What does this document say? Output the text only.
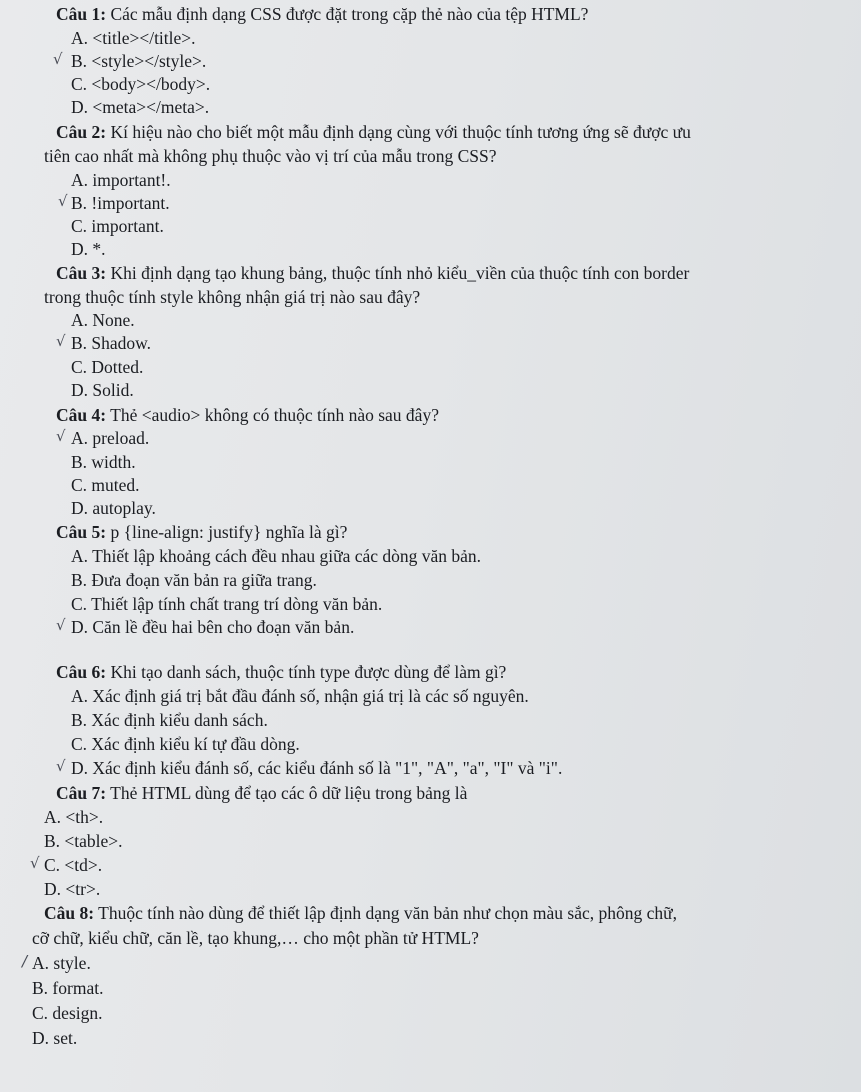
Câu 1: Các mẫu định dạng CSS được đặt trong cặp thẻ nào của tệp HTML?
A. <title></title>.
√ B. <style></style>.
C. <body></body>.
D. <meta></meta>.
Câu 2: Kí hiệu nào cho biết một mẫu định dạng cùng với thuộc tính tương ứng sẽ được ưu
tiên cao nhất mà không phụ thuộc vào vị trí của mẫu trong CSS?
A. important!.
√ B. !important.
C. important.
D. *.
Câu 3: Khi định dạng tạo khung bảng, thuộc tính nhỏ kiểu_viền của thuộc tính con border
trong thuộc tính style không nhận giá trị nào sau đây?
A. None.
√ B. Shadow.
C. Dotted.
D. Solid.
Câu 4: Thẻ <audio> không có thuộc tính nào sau đây?
√ A. preload.
B. width.
C. muted.
D. autoplay.
Câu 5: p {line-align: justify} nghĩa là gì?
A. Thiết lập khoảng cách đều nhau giữa các dòng văn bản.
B. Đưa đoạn văn bản ra giữa trang.
C. Thiết lập tính chất trang trí dòng văn bản.
√ D. Căn lề đều hai bên cho đoạn văn bản.
Câu 6: Khi tạo danh sách, thuộc tính type được dùng để làm gì?
A. Xác định giá trị bắt đầu đánh số, nhận giá trị là các số nguyên.
B. Xác định kiểu danh sách.
C. Xác định kiểu kí tự đầu dòng.
√ D. Xác định kiểu đánh số, các kiểu đánh số là "1", "A", "a", "I" và "i".
Câu 7: Thẻ HTML dùng để tạo các ô dữ liệu trong bảng là
A. <th>.
B. <table>.
√ C. <td>.
D. <tr>.
Câu 8: Thuộc tính nào dùng để thiết lập định dạng văn bản như chọn màu sắc, phông chữ,
cỡ chữ, kiểu chữ, căn lề, tạo khung,… cho một phần tử HTML?
/ A. style.
B. format.
C. design.
D. set.
